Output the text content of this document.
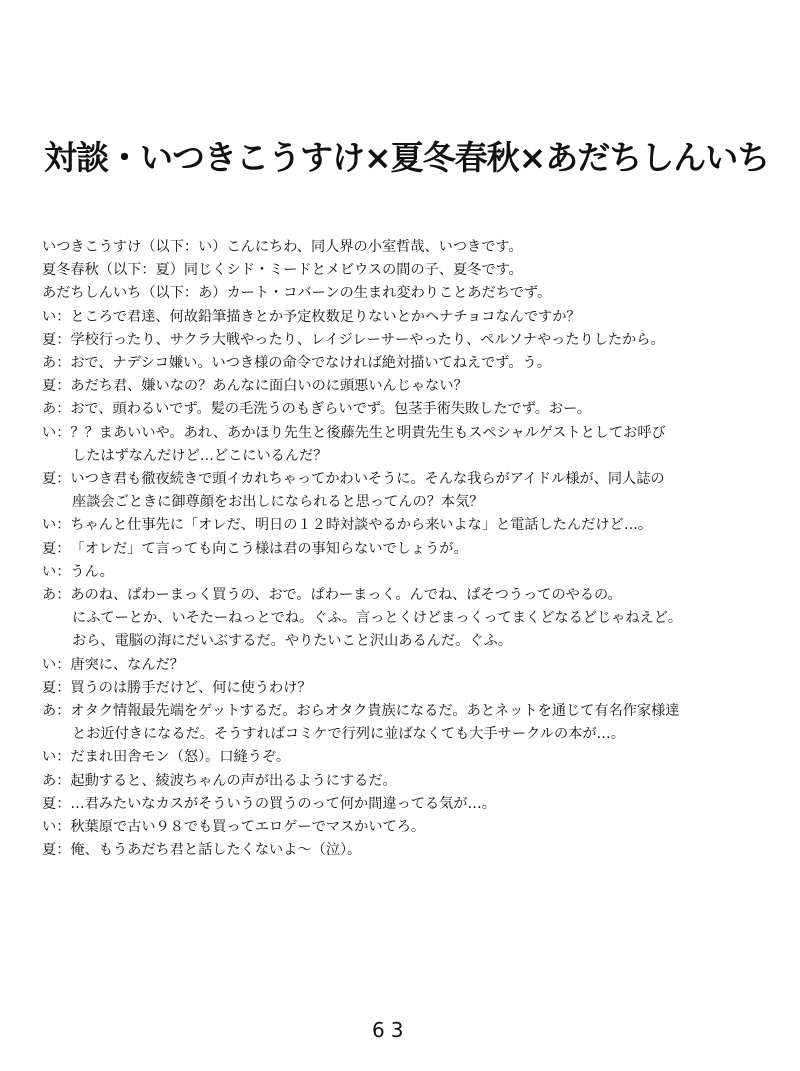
対談・いつきこうすけ×夏冬春秋×あだちしんいち
いつきこうすけ（以下：い）こんにちわ、同人界の小室哲哉、いつきです。
夏冬春秋（以下：夏）同じくシド・ミードとメビウスの間の子、夏冬です。
あだちしんいち（以下：あ）カート・コバーンの生まれ変わりことあだちでず。
い： ところで君達、何故鉛筆描きとか予定枚数足りないとかヘナチョコなんですか？
夏： 学校行ったり、サクラ大戦やったり、レイジレーサーやったり、ペルソナやったりしたから。
あ： おで、ナデシコ嫌い。いつき様の命令でなければ絶対描いてねえでず。う。
夏： あだち君、嫌いなの？あんなに面白いのに頭悪いんじゃない？
あ： おで、頭わるいでず。髪の毛洗うのもぎらいでず。包茎手術失敗したでず。おー。
い： ？？まあいいや。あれ、あかほり先生と後藤先生と明貴先生もスペシャルゲストとしてお呼び
したはずなんだけど…どこにいるんだ？
夏： いつき君も徹夜続きで頭イカれちゃってかわいそうに。そんな我らがアイドル様が、同人誌の
座談会ごときに御尊顔をお出しになられると思ってんの？本気？
い： ちゃんと仕事先に「オレだ、明日の１２時対談やるから来いよな」と電話したんだけど…。
夏： 「オレだ」て言っても向こう様は君の事知らないでしょうが。
い： うん。
あ： あのね、ぱわーまっく買うの、おで。ぱわーまっく。んでね、ぱそつうってのやるの。
にふてーとか、いそたーねっとでね。ぐふ。言っとくけどまっくってまくどなるどじゃねえど。
おら、電脳の海にだいぶするだ。やりたいこと沢山あるんだ。ぐふ。
い： 唐突に、なんだ？
夏： 買うのは勝手だけど、何に使うわけ？
あ： オタク情報最先端をゲットするだ。おらオタク貴族になるだ。あとネットを通じて有名作家様達
とお近付きになるだ。そうすればコミケで行列に並ばなくても大手サークルの本が…。
い： だまれ田舎モン（怒）。口縫うぞ。
あ： 起動すると、綾波ちゃんの声が出るようにするだ。
夏： …君みたいなカスがそういうの買うのって何か間違ってる気が…。
い： 秋葉原で古い９８でも買ってエロゲーでマスかいてろ。
夏： 俺、もうあだち君と話したくないよ～（泣）。
63
